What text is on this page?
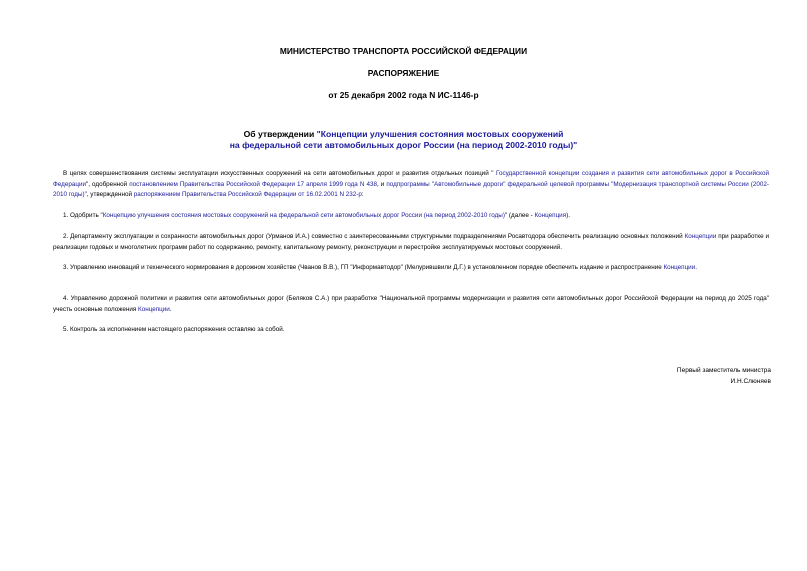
МИНИСТЕРСТВО ТРАНСПОРТА РОССИЙСКОЙ ФЕДЕРАЦИИ
РАСПОРЯЖЕНИЕ
от 25 декабря 2002 года N ИС-1146-р
Об утверждении "Концепции улучшения состояния мостовых сооружений
на федеральной сети автомобильных дорог России (на период 2002-2010 годы)"
В целях совершенствования системы эксплуатации искусственных сооружений на сети автомобильных дорог и развития отдельных позиций " Государственной концепции создания и развития сети автомобильных дорог в Российской Федерации", одобренной постановлением Правительства Российской Федерации 17 апреля 1999 года N 438, и подпрограммы "Автомобильные дороги" федеральной целевой программы "Модернизация транспортной системы России (2002-2010 годы)", утвержденной распоряжением Правительства Российской Федерации от 16.02.2001 N 232-р:
1. Одобрить "Концепцию улучшения состояния мостовых сооружений на федеральной сети автомобильных дорог России (на период 2002-2010 годы)" (далее - Концепция).
2. Департаменту эксплуатации и сохранности автомобильных дорог (Урманов И.А.) совместно с заинтересованными структурными подразделениями Росавтодора обеспечить реализацию основных положений Концепции при разработке и реализации годовых и многолетних программ работ по содержанию, ремонту, капитальному ремонту, реконструкции и перестройке эксплуатируемых мостовых сооружений.
3. Управлению инноваций и технического нормирования в дорожном хозяйстве (Чванов В.В.), ГП "Информавтодор" (Мелурившвили Д.Г.) в установленном порядке обеспечить издание и распространение Концепции.
4. Управлению дорожной политики и развития сети автомобильных дорог (Беляков С.А.) при разработке "Национальной программы модернизации и развития сети автомобильных дорог Российской Федерации на период до 2025 года" учесть основные положения Концепции.
5. Контроль за исполнением настоящего распоряжения оставляю за собой.
Первый заместитель министра
И.Н.Слюняев
